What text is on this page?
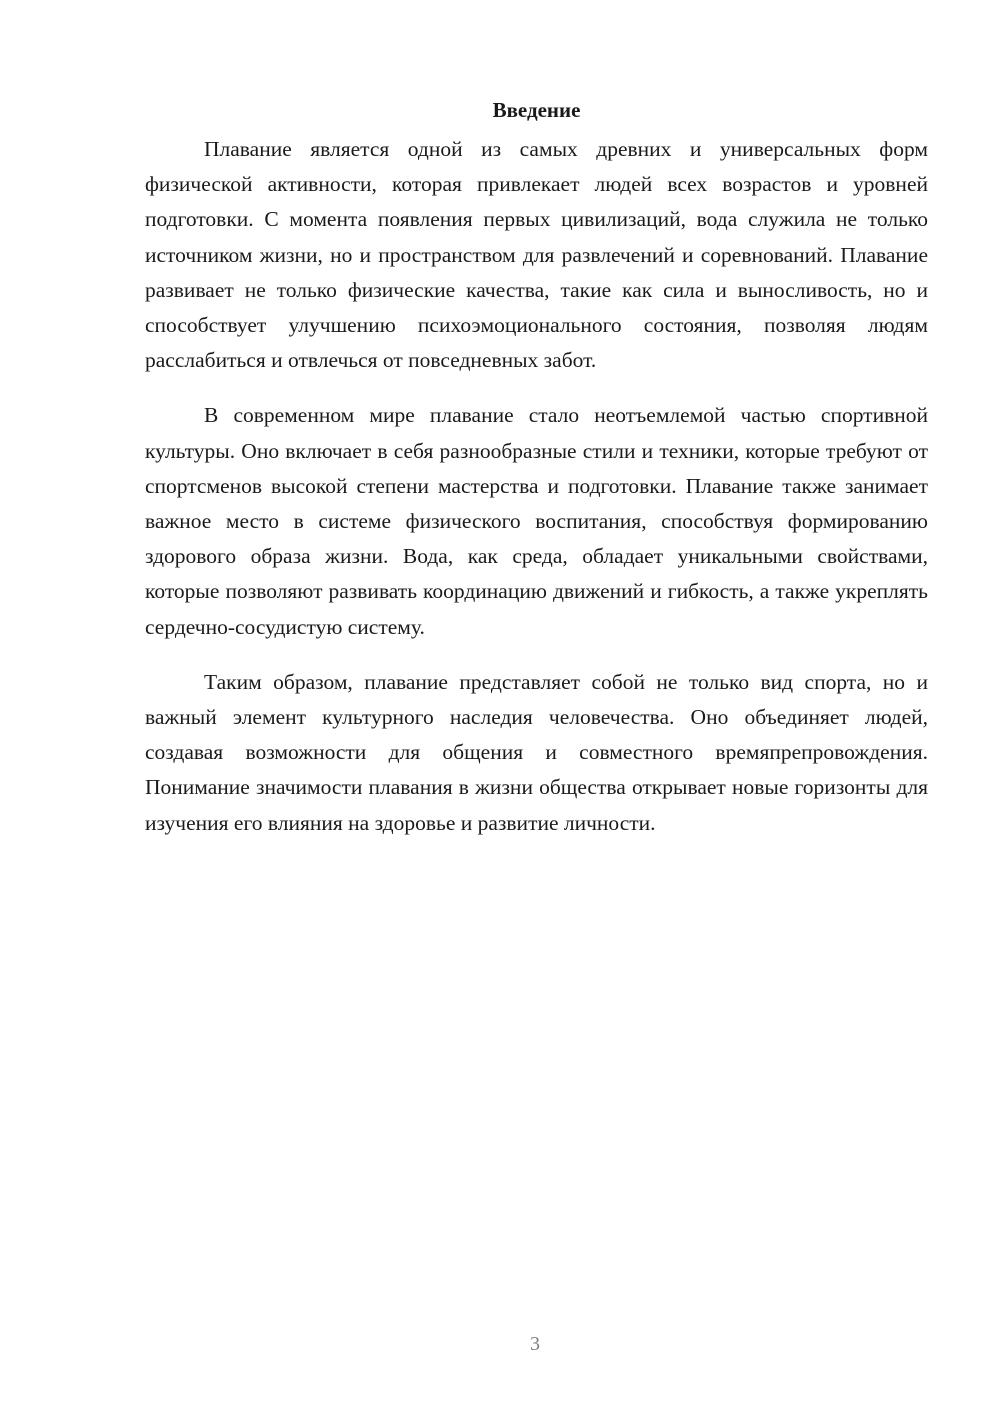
Введение

Плавание является одной из самых древних и универсальных форм физической активности, которая привлекает людей всех возрастов и уровней подготовки. С момента появления первых цивилизаций, вода служила не только источником жизни, но и пространством для развлечений и соревнований. Плавание развивает не только физические качества, такие как сила и выносливость, но и способствует улучшению психоэмоционального состояния, позволяя людям расслабиться и отвлечься от повседневных забот.

В современном мире плавание стало неотъемлемой частью спортивной культуры. Оно включает в себя разнообразные стили и техники, которые требуют от спортсменов высокой степени мастерства и подготовки. Плавание также занимает важное место в системе физического воспитания, способствуя формированию здорового образа жизни. Вода, как среда, обладает уникальными свойствами, которые позволяют развивать координацию движений и гибкость, а также укреплять сердечно-сосудистую систему.

Таким образом, плавание представляет собой не только вид спорта, но и важный элемент культурного наследия человечества. Оно объединяет людей, создавая возможности для общения и совместного времяпрепровождения. Понимание значимости плавания в жизни общества открывает новые горизонты для изучения его влияния на здоровье и развитие личности.

3
